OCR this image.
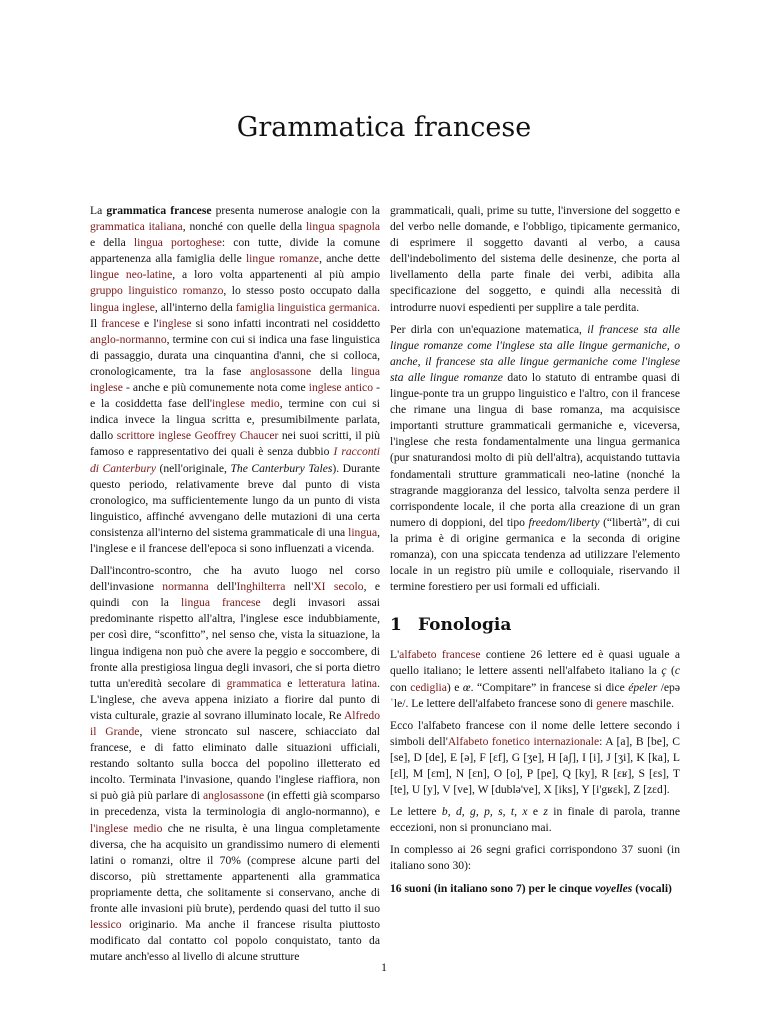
Grammatica francese

La grammatica francese presenta numerose analogie con la grammatica italiana, nonché con quelle della lingua spagnola e della lingua portoghese: con tutte, divide la comune appartenenza alla famiglia delle lingue romanze, anche dette lingue neo-latine, a loro volta appartenenti al più ampio gruppo linguistico romanzo, lo stesso posto occupato dalla lingua inglese, all'interno della famiglia linguistica germanica. Il francese e l'inglese si sono infatti incontrati nel cosiddetto anglo-normanno, termine con cui si indica una fase linguistica di passaggio, durata una cinquantina d'anni, che si colloca, cronologicamente, tra la fase anglosassone della lingua inglese - anche e più comunemente nota come inglese antico - e la cosiddetta fase dell'inglese medio, termine con cui si indica invece la lingua scritta e, presumibilmente parlata, dallo scrittore inglese Geoffrey Chaucer nei suoi scritti, il più famoso e rappresentativo dei quali è senza dubbio I racconti di Canterbury (nell'originale, The Canterbury Tales). Durante questo periodo, relativamente breve dal punto di vista cronologico, ma sufficientemente lungo da un punto di vista linguistico, affinché avvengano delle mutazioni di una certa consistenza all'interno del sistema grammaticale di una lingua, l'inglese e il francese dell'epoca si sono influenzati a vicenda.

Dall'incontro-scontro, che ha avuto luogo nel corso dell'invasione normanna dell'Inghilterra nell'XI secolo, e quindi con la lingua francese degli invasori assai predominante rispetto all'altra, l'inglese esce indubbiamente, per così dire, “sconfitto”, nel senso che, vista la situazione, la lingua indigena non può che avere la peggio e soccombere, di fronte alla prestigiosa lingua degli invasori, che si porta dietro tutta un'eredità secolare di grammatica e letteratura latina. L'inglese, che aveva appena iniziato a fiorire dal punto di vista culturale, grazie al sovrano illuminato locale, Re Alfredo il Grande, viene stroncato sul nascere, schiacciato dal francese, e di fatto eliminato dalle situazioni ufficiali, restando soltanto sulla bocca del popolino illetterato ed incolto. Terminata l'invasione, quando l'inglese riaffiora, non si può già più parlare di anglosassone (in effetti già scomparso in precedenza, vista la terminologia di anglo-normanno), e l'inglese medio che ne risulta, è una lingua completamente diversa, che ha acquisito un grandissimo numero di elementi latini o romanzi, oltre il 70% (comprese alcune parti del discorso, più strettamente appartenenti alla grammatica propriamente detta, che solitamente si conservano, anche di fronte alle invasioni più brute), perdendo quasi del tutto il suo lessico originario. Ma anche il francese risulta piuttosto modificato dal contatto col popolo conquistato, tanto da mutare anch'esso al livello di alcune strutture

grammaticali, quali, prime su tutte, l'inversione del soggetto e del verbo nelle domande, e l'obbligo, tipicamente germanico, di esprimere il soggetto davanti al verbo, a causa dell'indebolimento del sistema delle desinenze, che porta al livellamento della parte finale dei verbi, adibita alla specificazione del soggetto, e quindi alla necessità di introdurre nuovi espedienti per supplire a tale perdita.

Per dirla con un'equazione matematica, il francese sta alle lingue romanze come l'inglese sta alle lingue germaniche, o anche, il francese sta alle lingue germaniche come l'inglese sta alle lingue romanze dato lo statuto di entrambe quasi di lingue-ponte tra un gruppo linguistico e l'altro, con il francese che rimane una lingua di base romanza, ma acquisisce importanti strutture grammaticali germaniche e, viceversa, l'inglese che resta fondamentalmente una lingua germanica (pur snaturandosi molto di più dell'altra), acquistando tuttavia fondamentali strutture grammaticali neo-latine (nonché la stragrande maggioranza del lessico, talvolta senza perdere il corrispondente locale, il che porta alla creazione di un gran numero di doppioni, del tipo freedom/liberty (“libertà”, di cui la prima è di origine germanica e la seconda di origine romanza), con una spiccata tendenza ad utilizzare l'elemento locale in un registro più umile e colloquiale, riservando il termine forestiero per usi formali ed ufficiali.

1 Fonologia

L'alfabeto francese contiene 26 lettere ed è quasi uguale a quello italiano; le lettere assenti nell'alfabeto italiano la ç (c con cediglia) e œ. “Compitare” in francese si dice épeler /epəˈle/. Le lettere dell'alfabeto francese sono di genere maschile.

Ecco l'alfabeto francese con il nome delle lettere secondo i simboli dell'Alfabeto fonetico internazionale: A [a], B [be], C [se], D [de], E [ə], F [ɛf], G [ʒe], H [aʃ], I [i], J [ʒi], K [ka], L [ɛl], M [ɛm], N [ɛn], O [o], P [pe], Q [ky], R [ɛʁ], S [ɛs], T [te], U [y], V [ve], W [dublə've], X [iks], Y [i'gʁɛk], Z [zɛd].

Le lettere b, d, g, p, s, t, x e z in finale di parola, tranne eccezioni, non si pronunciano mai.

In complesso ai 26 segni grafici corrispondono 37 suoni (in italiano sono 30):

16 suoni (in italiano sono 7) per le cinque voyelles (vocali)

1
